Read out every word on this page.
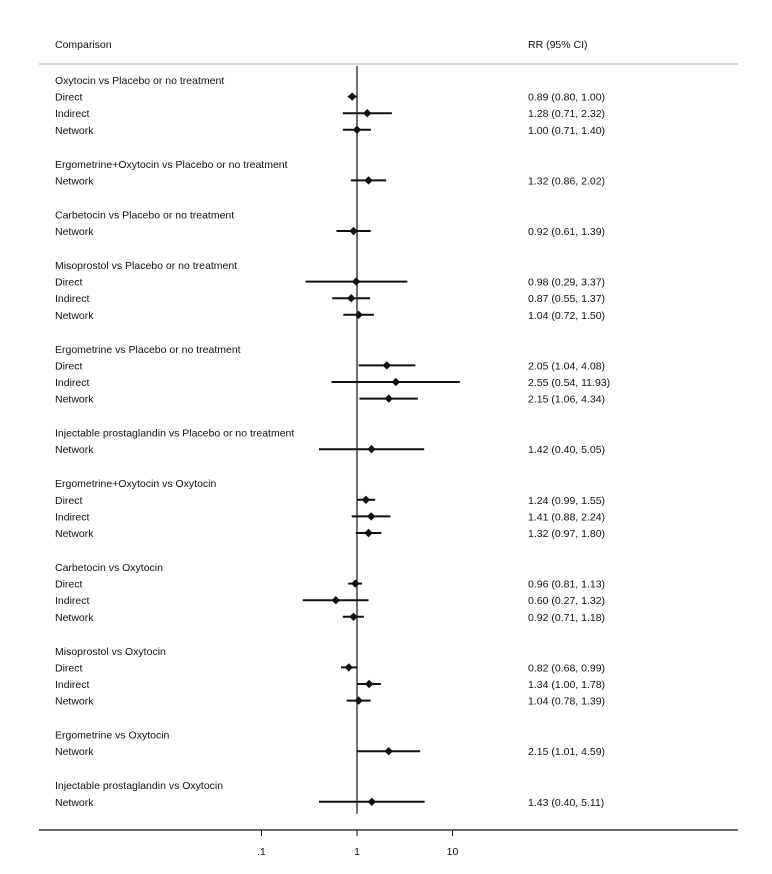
Comparison	RR (95% CI)
Oxytocin vs Placebo or no treatment
Direct	0.89 (0.80, 1.00)
Indirect	1.28 (0.71, 2.32)
Network	1.00 (0.71, 1.40)
Ergometrine+Oxytocin vs Placebo or no treatment
Network	1.32 (0.86, 2.02)
Carbetocin vs Placebo or no treatment
Network	0.92 (0.61, 1.39)
Misoprostol vs Placebo or no treatment
Direct	0.98 (0.29, 3.37)
Indirect	0.87 (0.55, 1.37)
Network	1.04 (0.72, 1.50)
Ergometrine vs Placebo or no treatment
Direct	2.05 (1.04, 4.08)
Indirect	2.55 (0.54, 11.93)
Network	2.15 (1.06, 4.34)
Injectable prostaglandin vs Placebo or no treatment
Network	1.42 (0.40, 5.05)
Ergometrine+Oxytocin vs Oxytocin
Direct	1.24 (0.99, 1.55)
Indirect	1.41 (0.88, 2.24)
Network	1.32 (0.97, 1.80)
Carbetocin vs Oxytocin
Direct	0.96 (0.81, 1.13)
Indirect	0.60 (0.27, 1.32)
Network	0.92 (0.71, 1.18)
Misoprostol vs Oxytocin
Direct	0.82 (0.68, 0.99)
Indirect	1.34 (1.00, 1.78)
Network	1.04 (0.78, 1.39)
Ergometrine vs Oxytocin
Network	2.15 (1.01, 4.59)
Injectable prostaglandin vs Oxytocin
Network	1.43 (0.40, 5.11)
.1	1	10
